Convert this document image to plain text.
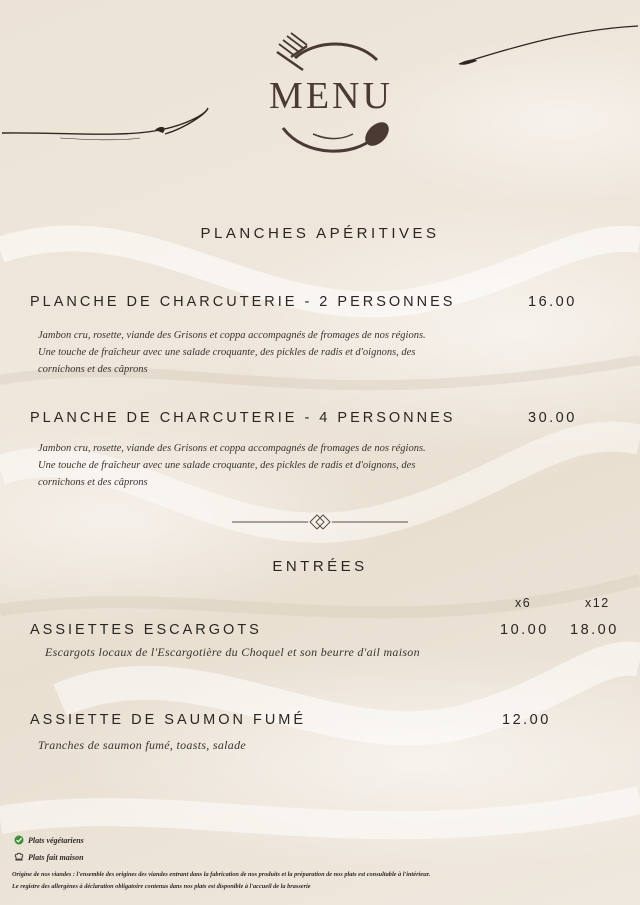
MENU
PLANCHES APÉRITIVES
PLANCHE DE CHARCUTERIE - 2 PERSONNES	16.00
Jambon cru, rosette, viande des Grisons et coppa accompagnés de fromages de nos régions.
Une touche de fraîcheur avec une salade croquante, des pickles de radis et d'oignons, des
cornichons et des câprons
PLANCHE DE CHARCUTERIE - 4 PERSONNES	30.00
Jambon cru, rosette, viande des Grisons et coppa accompagnés de fromages de nos régions.
Une touche de fraîcheur avec une salade croquante, des pickles de radis et d'oignons, des
cornichons et des câprons
ENTRÉES
x6	x12
ASSIETTES ESCARGOTS	10.00 18.00
Escargots locaux de l'Escargotière du Choquel et son beurre d'ail maison
ASSIETTE DE SAUMON FUMÉ	12.00
Tranches de saumon fumé, toasts, salade
Plats végétariens
Plats fait maison
Origine de nos viandes : l'ensemble des origines des viandes entrant dans la fabrication de nos produits et la préparation de nos plats est consultable à l'intérieur.
Le registre des allergènes à déclaration obligatoire contenus dans nos plats est disponible à l'accueil de la brasserie
